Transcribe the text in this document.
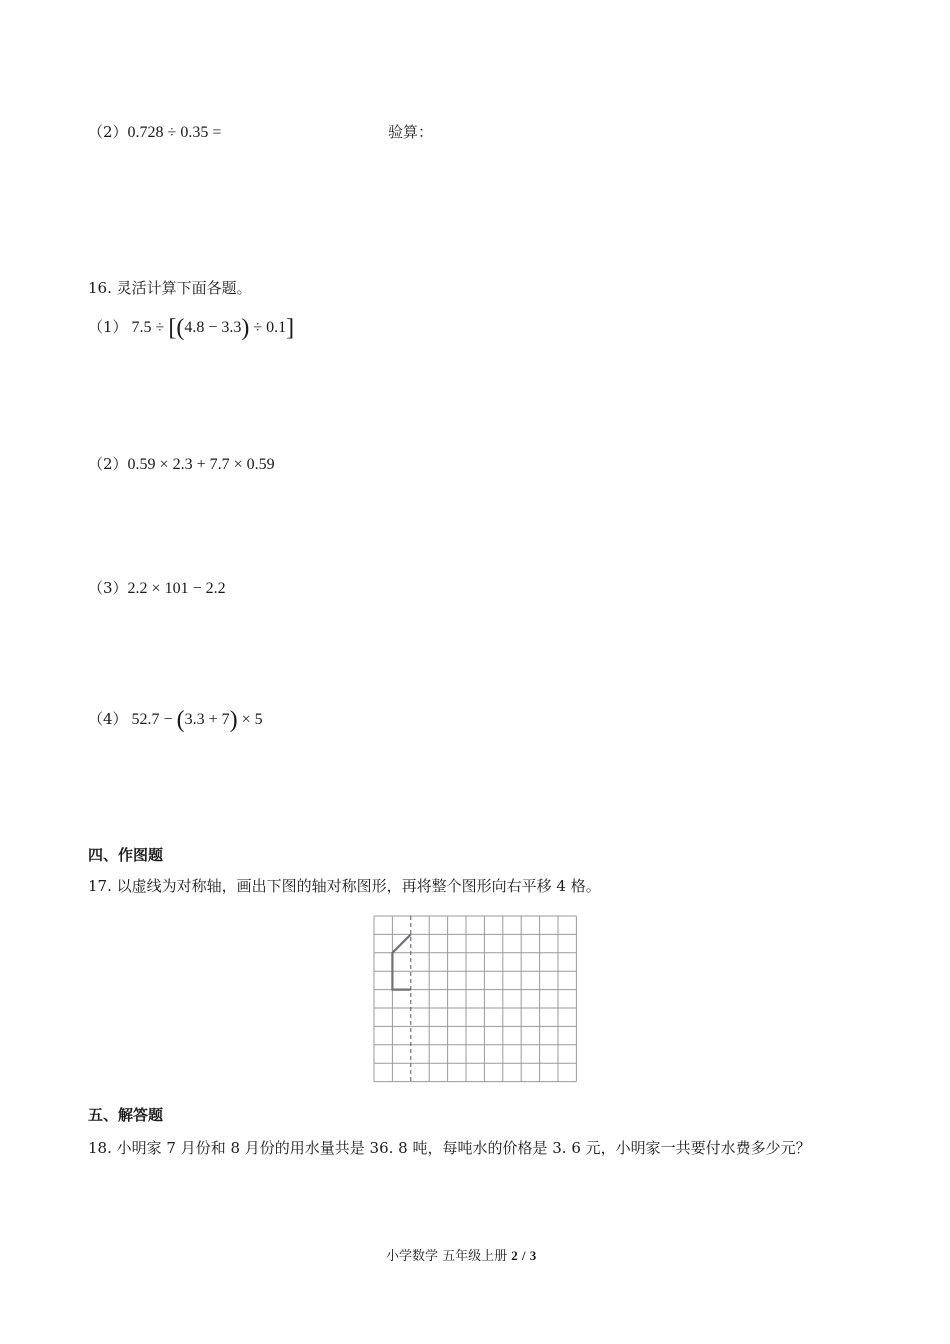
（2）0.728 ÷ 0.35 =	验算：
16. 灵活计算下面各题。
（1） 7.5 ÷ [(4.8 − 3.3) ÷ 0.1]
（2）0.59 × 2.3 + 7.7 × 0.59
（3）2.2 × 101 − 2.2
（4） 52.7 − (3.3 + 7) × 5
四、作图题
17. 以虚线为对称轴，画出下图的轴对称图形，再将整个图形向右平移 4 格。
五、解答题
18. 小明家 7 月份和 8 月份的用水量共是 36. 8 吨，每吨水的价格是 3. 6 元，小明家一共要付水费多少元？
小学数学 五年级上册 2 / 3
